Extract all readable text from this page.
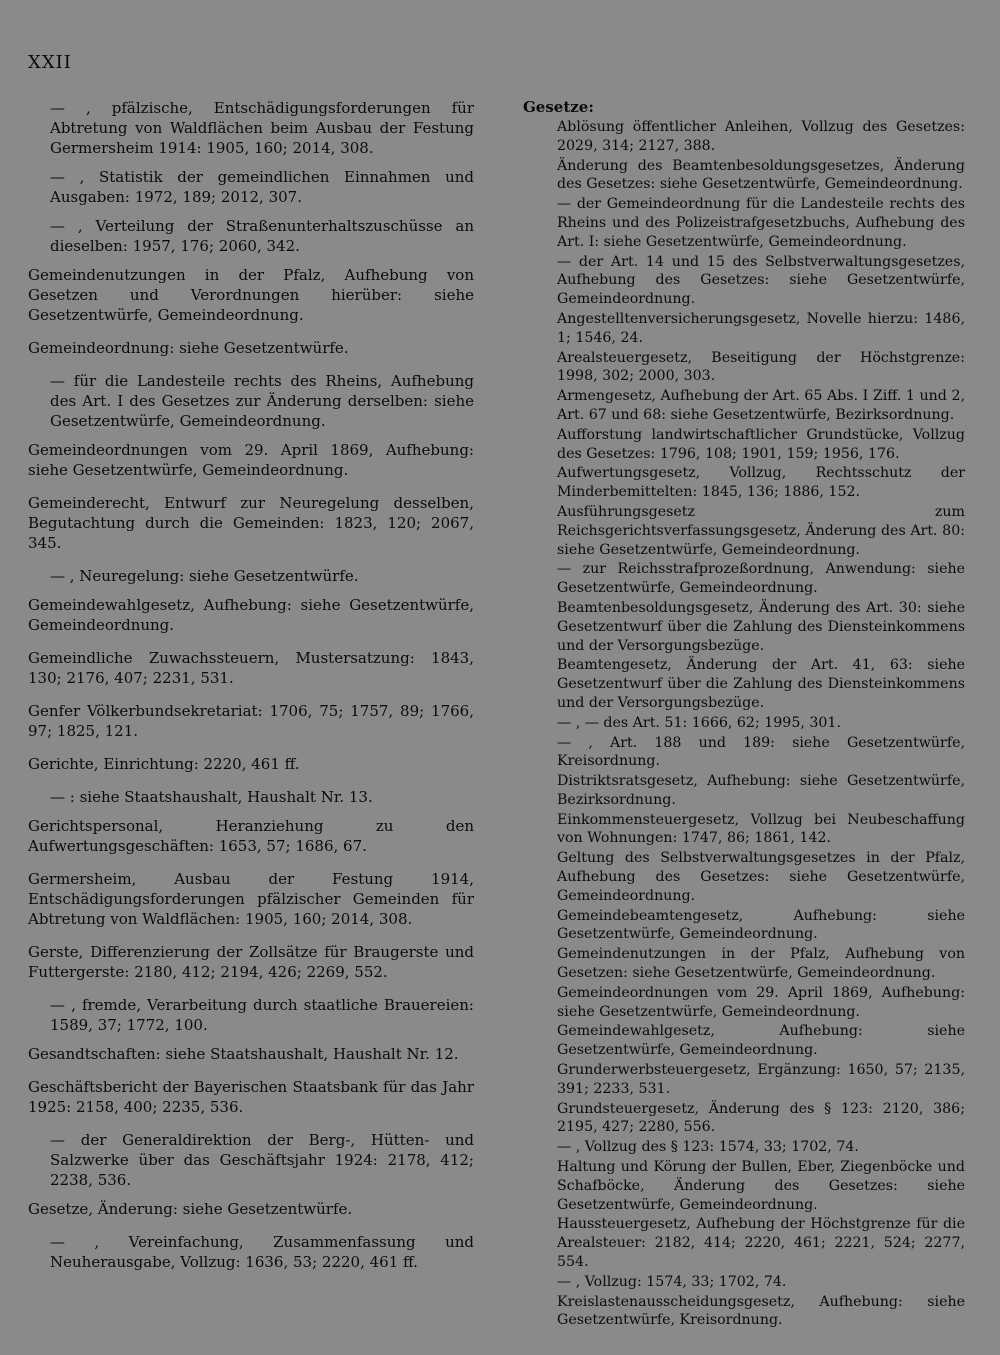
XXII

— , pfälzische, Entschädigungsforderungen für Abtretung von Waldflächen beim Ausbau der Festung Germersheim 1914: 1905, 160; 2014, 308.

— , Statistik der gemeindlichen Einnahmen und Ausgaben: 1972, 189; 2012, 307.

— , Verteilung der Straßenunterhaltszuschüsse an dieselben: 1957, 176; 2060, 342.

Gemeindenutzungen in der Pfalz, Aufhebung von Gesetzen und Verordnungen hierüber: siehe Gesetzentwürfe, Gemeindeordnung.

Gemeindeordnung: siehe Gesetzentwürfe.

— für die Landesteile rechts des Rheins, Aufhebung des Art. I des Gesetzes zur Änderung derselben: siehe Gesetzentwürfe, Gemeindeordnung.

Gemeindeordnungen vom 29. April 1869, Aufhebung: siehe Gesetzentwürfe, Gemeindeordnung.

Gemeinderecht, Entwurf zur Neuregelung desselben, Begutachtung durch die Gemeinden: 1823, 120; 2067, 345.

— , Neuregelung: siehe Gesetzentwürfe.

Gemeindewahlgesetz, Aufhebung: siehe Gesetzentwürfe, Gemeindeordnung.

Gemeindliche Zuwachssteuern, Mustersatzung: 1843, 130; 2176, 407; 2231, 531.

Genfer Völkerbundsekretariat: 1706, 75; 1757, 89; 1766, 97; 1825, 121.

Gerichte, Einrichtung: 2220, 461 ff.

— : siehe Staatshaushalt, Haushalt Nr. 13.

Gerichtspersonal, Heranziehung zu den Aufwertungsgeschäften: 1653, 57; 1686, 67.

Germersheim, Ausbau der Festung 1914, Entschädigungsforderungen pfälzischer Gemeinden für Abtretung von Waldflächen: 1905, 160; 2014, 308.

Gerste, Differenzierung der Zollsätze für Braugerste und Futtergerste: 2180, 412; 2194, 426; 2269, 552.

— , fremde, Verarbeitung durch staatliche Brauereien: 1589, 37; 1772, 100.

Gesandtschaften: siehe Staatshaushalt, Haushalt Nr. 12.

Geschäftsbericht der Bayerischen Staatsbank für das Jahr 1925: 2158, 400; 2235, 536.

— der Generaldirektion der Berg-, Hütten- und Salzwerke über das Geschäftsjahr 1924: 2178, 412; 2238, 536.

Gesetze, Änderung: siehe Gesetzentwürfe.

— , Vereinfachung, Zusammenfassung und Neuherausgabe, Vollzug: 1636, 53; 2220, 461 ff.

Gesetze:

Ablösung öffentlicher Anleihen, Vollzug des Gesetzes: 2029, 314; 2127, 388.

Änderung des Beamtenbesoldungsgesetzes, Änderung des Gesetzes: siehe Gesetzentwürfe, Gemeindeordnung.

— der Gemeindeordnung für die Landesteile rechts des Rheins und des Polizeistrafgesetzbuchs, Aufhebung des Art. I: siehe Gesetzentwürfe, Gemeindeordnung.

— der Art. 14 und 15 des Selbstverwaltungsgesetzes, Aufhebung des Gesetzes: siehe Gesetzentwürfe, Gemeindeordnung.

Angestelltenversicherungsgesetz, Novelle hierzu: 1486, 1; 1546, 24.

Arealsteuergesetz, Beseitigung der Höchstgrenze: 1998, 302; 2000, 303.

Armengesetz, Aufhebung der Art. 65 Abs. I Ziff. 1 und 2, Art. 67 und 68: siehe Gesetzentwürfe, Bezirksordnung.

Aufforstung landwirtschaftlicher Grundstücke, Vollzug des Gesetzes: 1796, 108; 1901, 159; 1956, 176.

Aufwertungsgesetz, Vollzug, Rechtsschutz der Minderbemittelten: 1845, 136; 1886, 152.

Ausführungsgesetz zum Reichsgerichtsverfassungsgesetz, Änderung des Art. 80: siehe Gesetzentwürfe, Gemeindeordnung.

— zur Reichsstrafprozeßordnung, Anwendung: siehe Gesetzentwürfe, Gemeindeordnung.

Beamtenbesoldungsgesetz, Änderung des Art. 30: siehe Gesetzentwurf über die Zahlung des Diensteinkommens und der Versorgungsbezüge.

Beamtengesetz, Änderung der Art. 41, 63: siehe Gesetzentwurf über die Zahlung des Diensteinkommens und der Versorgungsbezüge.

— , — des Art. 51: 1666, 62; 1995, 301.

— , Art. 188 und 189: siehe Gesetzentwürfe, Kreisordnung.

Distriktsratsgesetz, Aufhebung: siehe Gesetzentwürfe, Bezirksordnung.

Einkommensteuergesetz, Vollzug bei Neubeschaffung von Wohnungen: 1747, 86; 1861, 142.

Geltung des Selbstverwaltungsgesetzes in der Pfalz, Aufhebung des Gesetzes: siehe Gesetzentwürfe, Gemeindeordnung.

Gemeindebeamtengesetz, Aufhebung: siehe Gesetzentwürfe, Gemeindeordnung.

Gemeindenutzungen in der Pfalz, Aufhebung von Gesetzen: siehe Gesetzentwürfe, Gemeindeordnung.

Gemeindeordnungen vom 29. April 1869, Aufhebung: siehe Gesetzentwürfe, Gemeindeordnung.

Gemeindewahlgesetz, Aufhebung: siehe Gesetzentwürfe, Gemeindeordnung.

Grunderwerbsteuergesetz, Ergänzung: 1650, 57; 2135, 391; 2233, 531.

Grundsteuergesetz, Änderung des § 123: 2120, 386; 2195, 427; 2280, 556.

— , Vollzug des § 123: 1574, 33; 1702, 74.

Haltung und Körung der Bullen, Eber, Ziegenböcke und Schafböcke, Änderung des Gesetzes: siehe Gesetzentwürfe, Gemeindeordnung.

Haussteuergesetz, Aufhebung der Höchstgrenze für die Arealsteuer: 2182, 414; 2220, 461; 2221, 524; 2277, 554.

— , Vollzug: 1574, 33; 1702, 74.

Kreislastenausscheidungsgesetz, Aufhebung: siehe Gesetzentwürfe, Kreisordnung.
